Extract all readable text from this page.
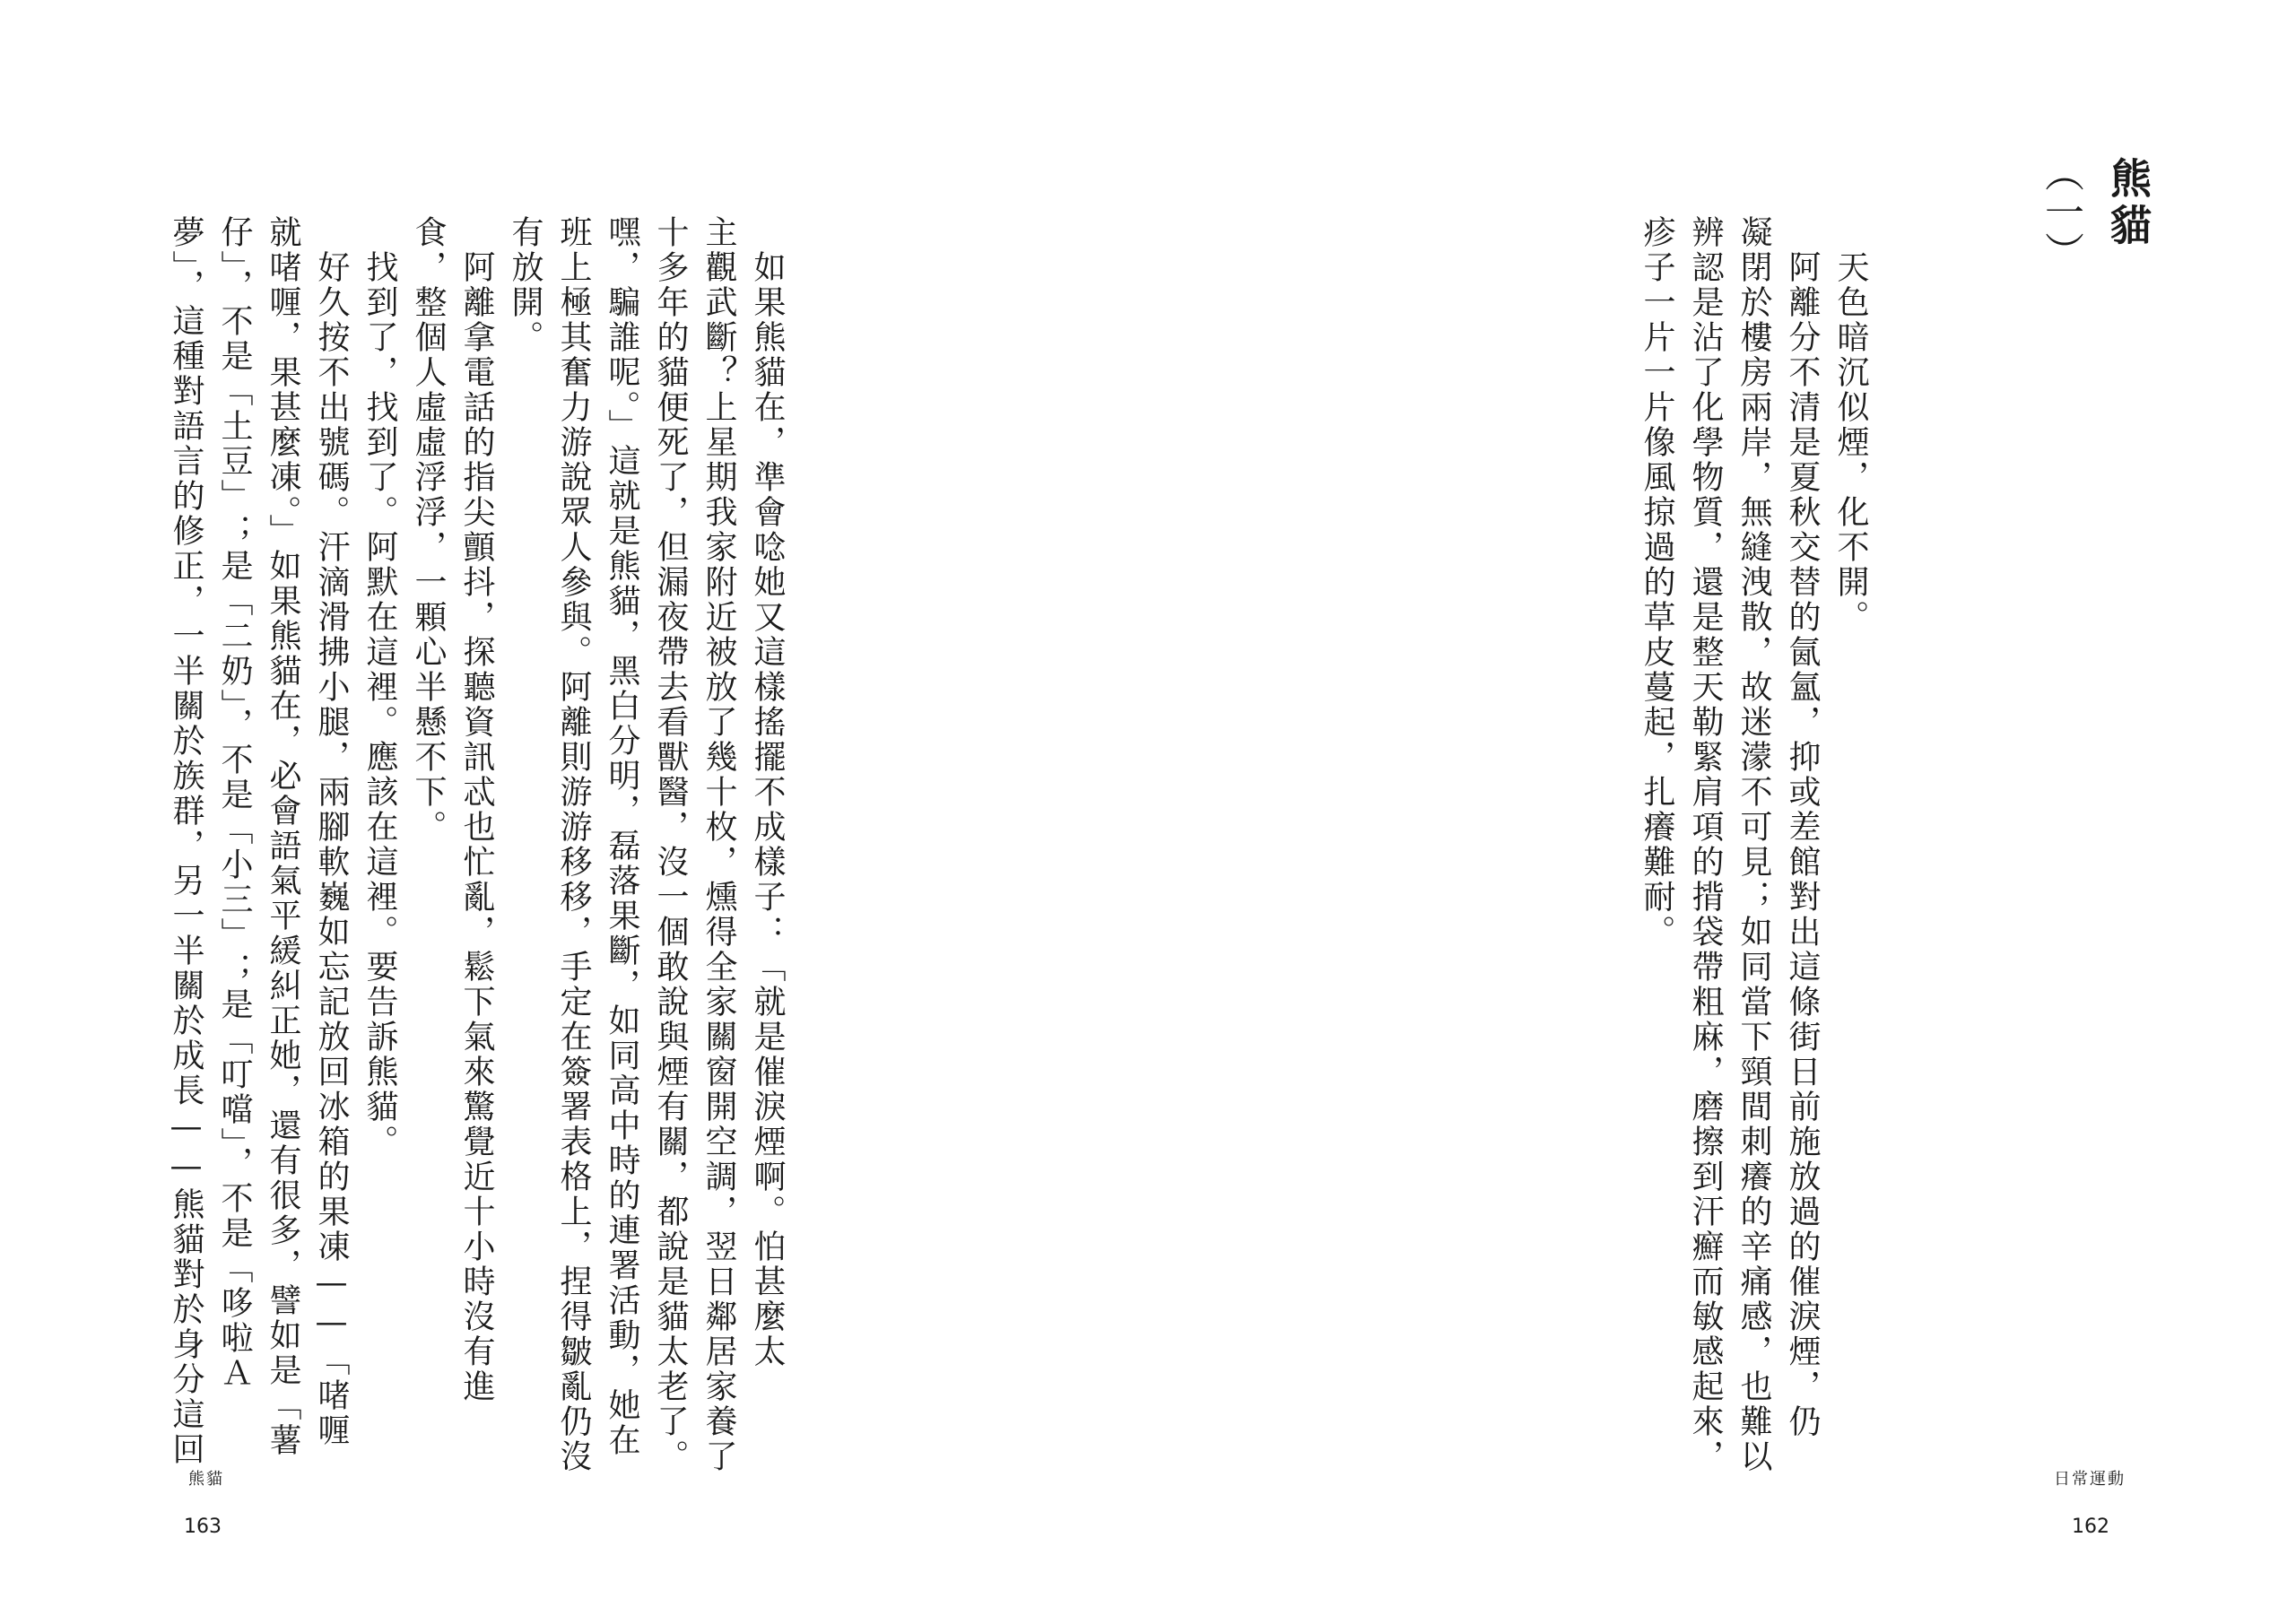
熊貓
（一）
　天色暗沉似煙，化不開。
　阿離分不清是夏秋交替的氤氳，抑或差館對出這條街日前施放過的催淚煙，仍
凝閉於樓房兩岸，無縫洩散，故迷濛不可見；如同當下頸間刺癢的辛痛感，也難以
辨認是沾了化學物質，還是整天勒緊肩項的揹袋帶粗麻，磨擦到汗癬而敏感起來，
疹子一片一片像風掠過的草皮蔓起，扎癢難耐。
日常運動
162
　如果熊貓在，準會唸她又這樣搖擺不成樣子：「就是催淚煙啊。怕甚麼太
主觀武斷？上星期我家附近被放了幾十枚，燻得全家關窗開空調，翌日鄰居家養了
十多年的貓便死了，但漏夜帶去看獸醫，沒一個敢說與煙有關，都說是貓太老了。
嘿，騙誰呢。」這就是熊貓，黑白分明，磊落果斷，如同高中時的連署活動，她在
班上極其奮力游說眾人參與。阿離則游游移移，手定在簽署表格上，捏得皺亂仍沒
有放開。
　阿離拿電話的指尖顫抖，探聽資訊忒也忙亂，鬆下氣來驚覺近十小時沒有進
食，整個人虛虛浮浮，一顆心半懸不下。
　找到了，找到了。阿默在這裡。應該在這裡。要告訴熊貓。
　好久按不出號碼。汗滴滑拂小腿，兩腳軟巍如忘記放回冰箱的果凍——「啫喱
就啫喱，果甚麼凍。」如果熊貓在，必會語氣平緩糾正她，還有很多，譬如是「薯
仔」，不是「土豆」；是「二奶」，不是「小三」；是「叮噹」，不是「哆啦Ａ
夢」，這種對語言的修正，一半關於族群，另一半關於成長——熊貓對於身分這回
熊貓
163
